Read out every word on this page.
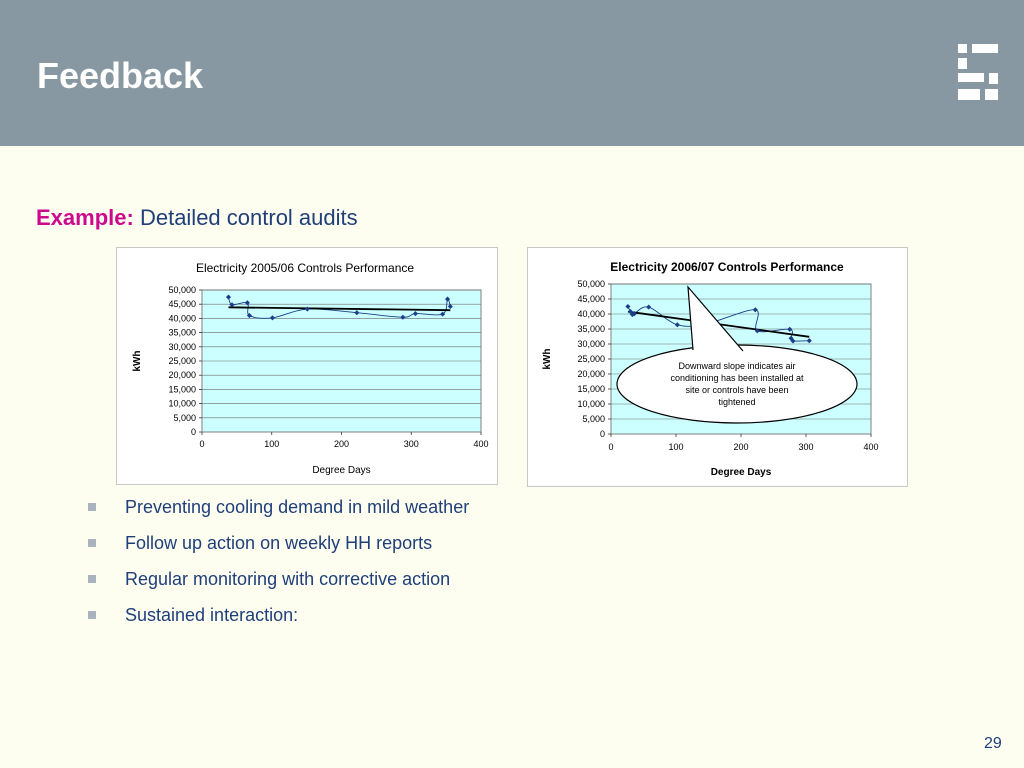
Feedback
Example: Detailed control audits
0
5,000
10,000
15,000
20,000
25,000
30,000
35,000
40,000
45,000
50,000
0	100	200	300	400
Electricity 2005/06 Controls Performance
Degree Days
kWh
0
5,000
10,000
15,000
20,000
25,000
30,000
35,000
40,000
45,000
50,000
0	100	200	300	400
Electricity 2006/07 Controls Performance
Degree Days
kWh	Downward slope indicates air
conditioning has been installed at
site or controls have been
tightened
Preventing cooling demand in mild weather
Follow up action on weekly HH reports
Regular monitoring with corrective action
Sustained interaction:
29
